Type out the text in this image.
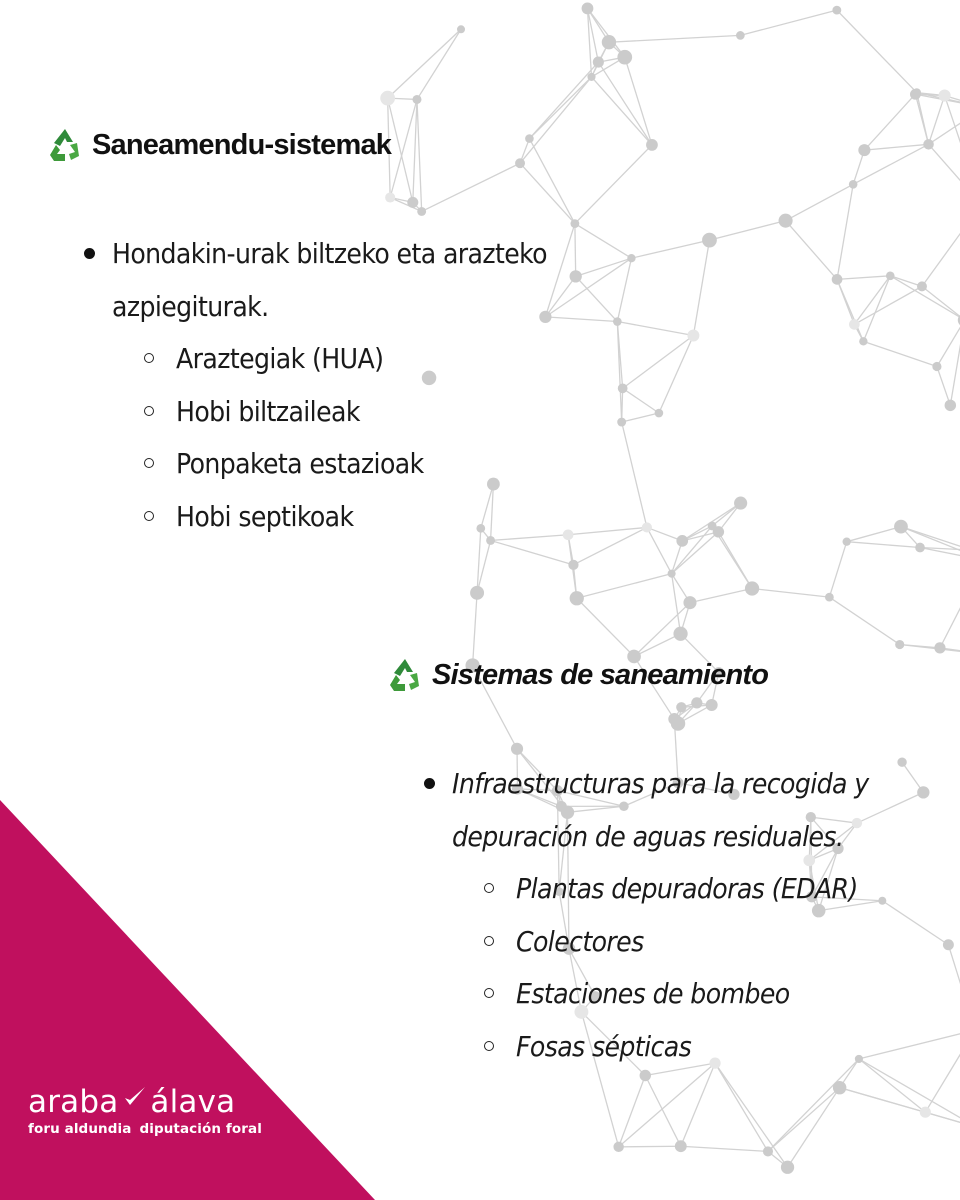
Saneamendu-sistemak
Hondakin-urak biltzeko eta arazteko azpiegiturak.
Araztegiak (HUA)
Hobi biltzaileak
Ponpaketa estazioak
Hobi septikoak
Sistemas de saneamiento
Infraestructuras para la recogida y depuración de aguas residuales.
Plantas depuradoras (EDAR)
Colectores
Estaciones de bombeo
Fosas sépticas
araba álava
foru aldundia diputación foral
